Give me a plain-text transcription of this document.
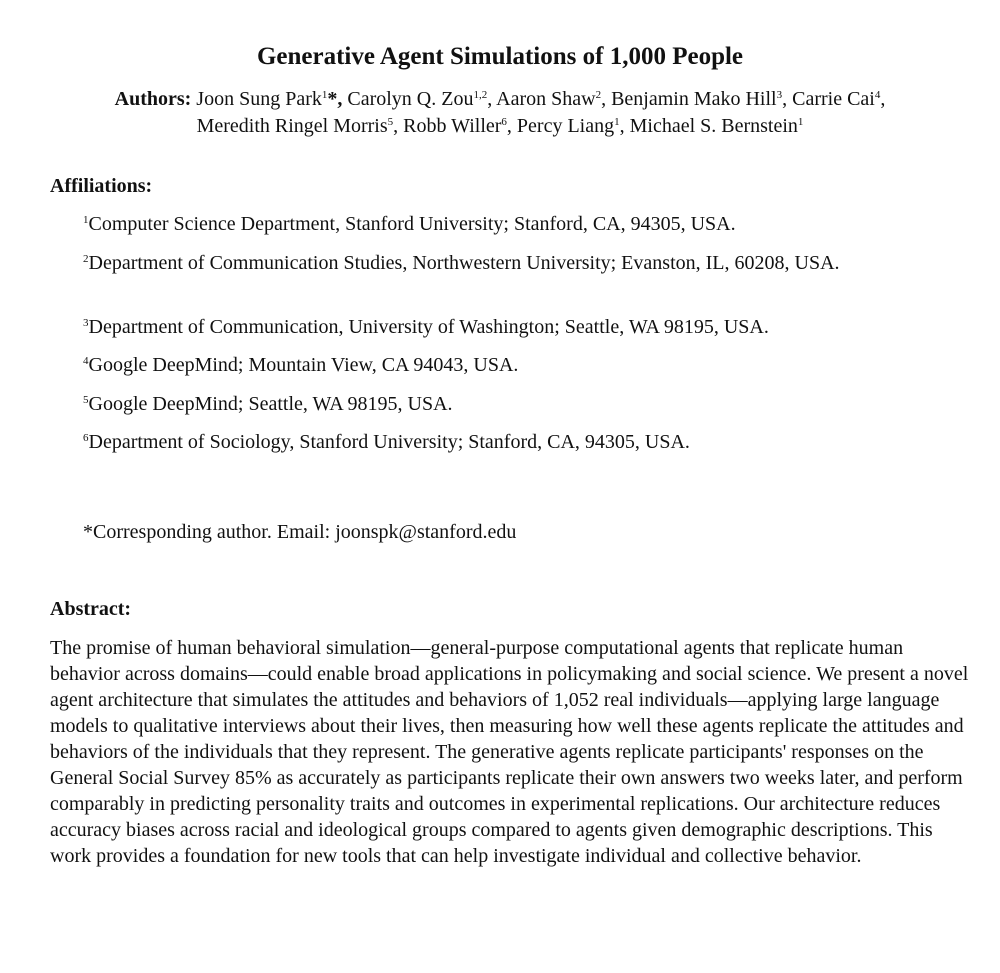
Generative Agent Simulations of 1,000 People

Authors: Joon Sung Park$^1$*, Carolyn Q. Zou$^{1,2}$, Aaron Shaw$^2$, Benjamin Mako Hill$^3$, Carrie Cai$^4$,
Meredith Ringel Morris$^5$, Robb Willer$^6$, Percy Liang$^1$, Michael S. Bernstein$^1$

Affiliations:

$^1$Computer Science Department, Stanford University; Stanford, CA, 94305, USA.

$^2$Department of Communication Studies, Northwestern University; Evanston, IL, 60208, USA.

$^3$Department of Communication, University of Washington; Seattle, WA 98195, USA.

$^4$Google DeepMind; Mountain View, CA 94043, USA.

$^5$Google DeepMind; Seattle, WA 98195, USA.

$^6$Department of Sociology, Stanford University; Stanford, CA, 94305, USA.

*Corresponding author. Email: joonspk@stanford.edu

Abstract:

The promise of human behavioral simulation—general-purpose computational agents that replicate human behavior across domains—could enable broad applications in policymaking and social science. We present a novel agent architecture that simulates the attitudes and behaviors of 1,052 real individuals—applying large language models to qualitative interviews about their lives, then measuring how well these agents replicate the attitudes and behaviors of the individuals that they represent. The generative agents replicate participants' responses on the General Social Survey 85% as accurately as participants replicate their own answers two weeks later, and perform comparably in predicting personality traits and outcomes in experimental replications. Our architecture reduces accuracy biases across racial and ideological groups compared to agents given demographic descriptions. This work provides a foundation for new tools that can help investigate individual and collective behavior.
